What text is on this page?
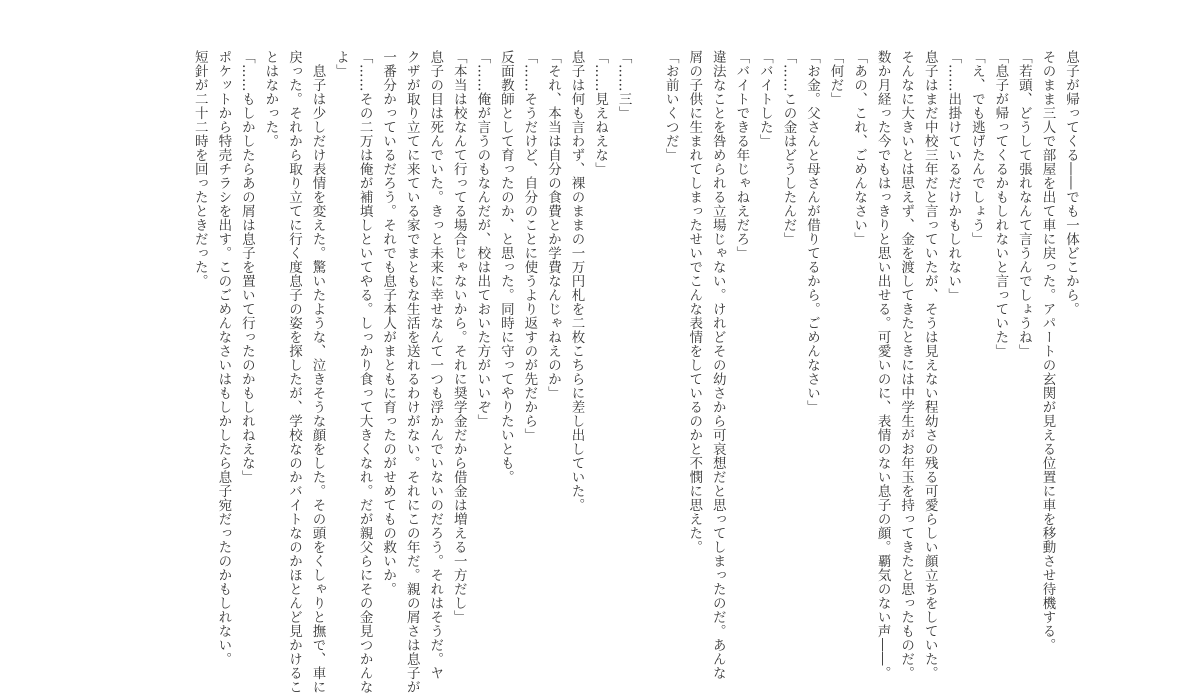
息子が帰ってくる――でも一体どこから。
そのまま三人で部屋を出て車に戻った。アパートの玄関が見える位置に車を移動させ待機する。
「若頭、どうして張れなんて言うんでしょうね」
「息子が帰ってくるかもしれないと言っていた」
「え、でも逃げたんでしょう」
「……出掛けているだけかもしれない」
息子はまだ中校三年だと言っていたが、そうは見えない程幼さの残る可愛らしい顔立ちをしていた。
そんなに大きいとは思えず、金を渡してきたときには中学生がお年玉を持ってきたと思ったものだ。
数か月経った今でもはっきりと思い出せる。可愛いのに、表情のない息子の顔。覇気のない声――。
「あの、これ、ごめんなさい」
「何だ」
「お金。父さんと母さんが借りてるから。ごめんなさい」
「……この金はどうしたんだ」
「バイトした」
「バイトできる年じゃねえだろ」
違法なことを咎められる立場じゃない。けれどその幼さから可哀想だと思ってしまったのだ。あんな
屑の子供に生まれてしまったせいでこんな表情をしているのかと不憫に思えた。
「お前いくつだ」
「……三」
「……見えねえな」
息子は何も言わず、裸のままの一万円札を二枚こちらに差し出していた。
「それ、本当は自分の食費とか学費なんじゃねえのか」
「……そうだけど、自分のことに使うより返すのが先だから」
反面教師として育ったのか、と思った。同時に守ってやりたいとも。
「……俺が言うのもなんだが、校は出ておいた方がいいぞ」
「本当は校なんて行ってる場合じゃないから。それに奨学金だから借金は増える一方だし」
息子の目は死んでいた。きっと未来に幸せなんて一つも浮かんでいないのだろう。それはそうだ。ヤ
クザが取り立てに来ている家でまともな生活を送れるわけがない。それにこの年だ。親の屑さは息子が
一番分かっているだろう。それでも息子本人がまともに育ったのがせめてもの救いか。
「……その二万は俺が補填しといてやる。しっかり食って大きくなれ。だが親父らにその金見つかんな
よ」
　息子は少しだけ表情を変えた。驚いたような、泣きそうな顔をした。その頭をくしゃりと撫で、車に
戻った。それから取り立てに行く度息子の姿を探したが、学校なのかバイトなのかほとんど見かけるこ
とはなかった。
「……もしかしたらあの屑は息子を置いて行ったのかもしれねえな」
ポケットから特売チラシを出す。このごめんなさいはもしかしたら息子宛だったのかもしれない。
短針が二十二時を回ったときだった。
